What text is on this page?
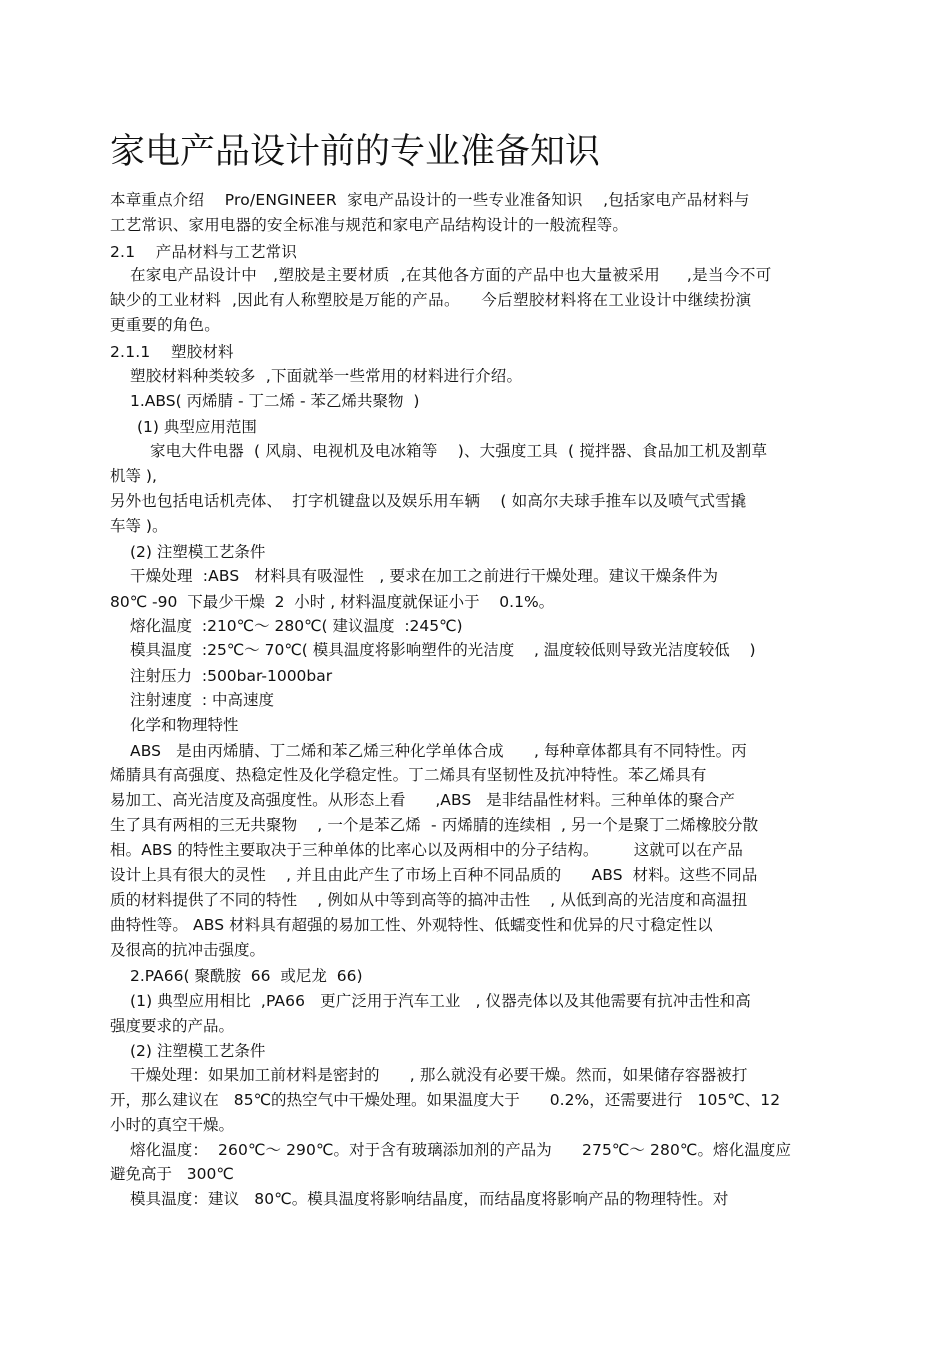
家电产品设计前的专业准备知识

本章重点介绍    Pro/ENGINEER  家电产品设计的一些专业准备知识    ,包括家电产品材料与

工艺常识、家用电器的安全标准与规范和家电产品结构设计的一般流程等。

2.1    产品材料与工艺常识

在家电产品设计中   ,塑胶是主要材质  ,在其他各方面的产品中也大量被采用     ,是当今不可

缺少的工业材料  ,因此有人称塑胶是万能的产品。    今后塑胶材料将在工业设计中继续扮演

更重要的角色。

2.1.1    塑胶材料

塑胶材料种类较多  ,下面就举一些常用的材料进行介绍。

1.ABS( 丙烯腈 - 丁二烯 - 苯乙烯共聚物  )

(1) 典型应用范围

家电大件电器  ( 风扇、电视机及电冰箱等    )、大强度工具  ( 搅拌器、食品加工机及割草

机等 ),

另外也包括电话机壳体、  打字机键盘以及娱乐用车辆    ( 如高尔夫球手推车以及喷气式雪撬

车等 )。

(2) 注塑模工艺条件

干燥处理  :ABS   材料具有吸湿性   , 要求在加工之前进行干燥处理。建议干燥条件为

80℃ -90  下最少干燥  2  小时 , 材料温度就保证小于    0.1%。

熔化温度  :210℃～ 280℃( 建议温度  :245℃)

模具温度  :25℃～ 70℃( 模具温度将影响塑件的光洁度    , 温度较低则导致光洁度较低    )

注射压力  :500bar-1000bar

注射速度  : 中高速度

化学和物理特性

ABS   是由丙烯腈、丁二烯和苯乙烯三种化学单体合成      , 每种章体都具有不同特性。丙

烯腈具有高强度、热稳定性及化学稳定性。丁二烯具有坚韧性及抗冲特性。苯乙烯具有

易加工、高光洁度及高强度性。从形态上看      ,ABS   是非结晶性材料。三种单体的聚合产

生了具有两相的三无共聚物    , 一个是苯乙烯  - 丙烯腈的连续相  , 另一个是聚丁二烯橡胶分散

相。ABS 的特性主要取决于三种单体的比率心以及两相中的分子结构。       这就可以在产品

设计上具有很大的灵性    , 并且由此产生了市场上百种不同品质的      ABS  材料。这些不同品

质的材料提供了不同的特性    , 例如从中等到高等的搞冲击性    , 从低到高的光洁度和高温扭

曲特性等。 ABS 材料具有超强的易加工性、外观特性、低蠕变性和优异的尺寸稳定性以

及很高的抗冲击强度。

2.PA66( 聚酰胺  66  或尼龙  66)

(1) 典型应用相比  ,PA66   更广泛用于汽车工业   , 仪器壳体以及其他需要有抗冲击性和高

强度要求的产品。

(2) 注塑模工艺条件

干燥处理：如果加工前材料是密封的      , 那么就没有必要干燥。然而，如果储存容器被打

开，那么建议在   85℃的热空气中干燥处理。如果温度大于      0.2%，还需要进行   105℃、12

小时的真空干燥。

熔化温度：  260℃～ 290℃。对于含有玻璃添加剂的产品为      275℃～ 280℃。熔化温度应

避免高于   300℃

模具温度：建议   80℃。模具温度将影响结晶度，而结晶度将影响产品的物理特性。对
